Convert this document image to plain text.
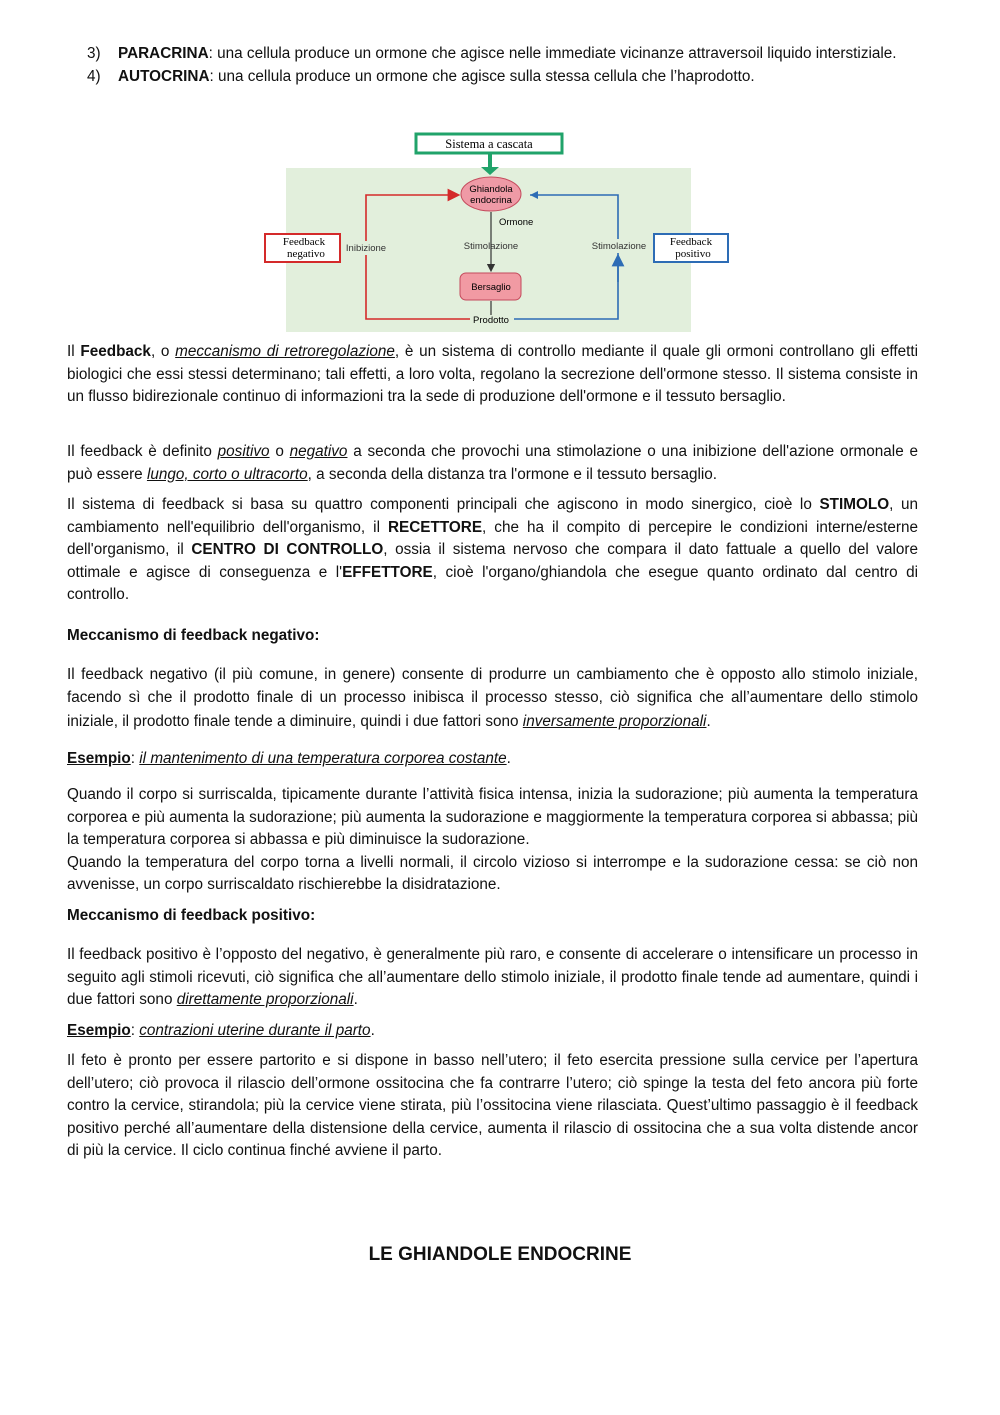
3) PARACRINA: una cellula produce un ormone che agisce nelle immediate vicinanze attraversoil liquido interstiziale.
4) AUTOCRINA: una cellula produce un ormone che agisce sulla stessa cellula che l’haprodotto.
Sistema a cascata
Ghiandola
endocrina
Ormone
Stimolazione
Bersaglio
Prodotto
Inibizione	Stimolazione
Feedback
negativo
Feedback
positivo

Il Feedback, o meccanismo di retroregolazione, è un sistema di controllo mediante il quale gli ormoni controllano gli effetti biologici che essi stessi determinano; tali effetti, a loro volta, regolano la secrezione dell'ormone stesso. Il sistema consiste in un flusso bidirezionale continuo di informazioni tra la sede di produzione dell'ormone e il tessuto bersaglio.

Il feedback è definito positivo o negativo a seconda che provochi una stimolazione o una inibizione dell'azione ormonale e può essere lungo, corto o ultracorto, a seconda della distanza tra l'ormone e il tessuto bersaglio.

Il sistema di feedback si basa su quattro componenti principali che agiscono in modo sinergico, cioè lo STIMOLO, un cambiamento nell'equilibrio dell'organismo, il RECETTORE, che ha il compito di percepire le condizioni interne/esterne dell'organismo, il CENTRO DI CONTROLLO, ossia il sistema nervoso che compara il dato fattuale a quello del valore ottimale e agisce di conseguenza e l'EFFETTORE, cioè l'organo/ghiandola che esegue quanto ordinato dal centro di controllo.

Meccanismo di feedback negativo:

Il feedback negativo (il più comune, in genere) consente di produrre un cambiamento che è opposto allo stimolo iniziale, facendo sì che il prodotto finale di un processo inibisca il processo stesso, ciò significa che all’aumentare dello stimolo iniziale, il prodotto finale tende a diminuire, quindi i due fattori sono inversamente proporzionali.

Esempio: il mantenimento di una temperatura corporea costante.

Quando il corpo si surriscalda, tipicamente durante l’attività fisica intensa, inizia la sudorazione; più aumenta la temperatura corporea e più aumenta la sudorazione; più aumenta la sudorazione e maggiormente la temperatura corporea si abbassa; più la temperatura corporea si abbassa e più diminuisce la sudorazione.

Quando la temperatura del corpo torna a livelli normali, il circolo vizioso si interrompe e la sudorazione cessa: se ciò non avvenisse, un corpo surriscaldato rischierebbe la disidratazione.

Meccanismo di feedback positivo:

Il feedback positivo è l’opposto del negativo, è generalmente più raro, e consente di accelerare o intensificare un processo in seguito agli stimoli ricevuti, ciò significa che all’aumentare dello stimolo iniziale, il prodotto finale tende ad aumentare, quindi i due fattori sono direttamente proporzionali.

Esempio: contrazioni uterine durante il parto.

Il feto è pronto per essere partorito e si dispone in basso nell’utero; il feto esercita pressione sulla cervice per l’apertura dell’utero; ciò provoca il rilascio dell’ormone ossitocina che fa contrarre l’utero; ciò spinge la testa del feto ancora più forte contro la cervice, stirandola; più la cervice viene stirata, più l’ossitocina viene rilasciata. Quest’ultimo passaggio è il feedback positivo perché all’aumentare della distensione della cervice, aumenta il rilascio di ossitocina che a sua volta distende ancor di più la cervice. Il ciclo continua finché avviene il parto.

LE GHIANDOLE ENDOCRINE
